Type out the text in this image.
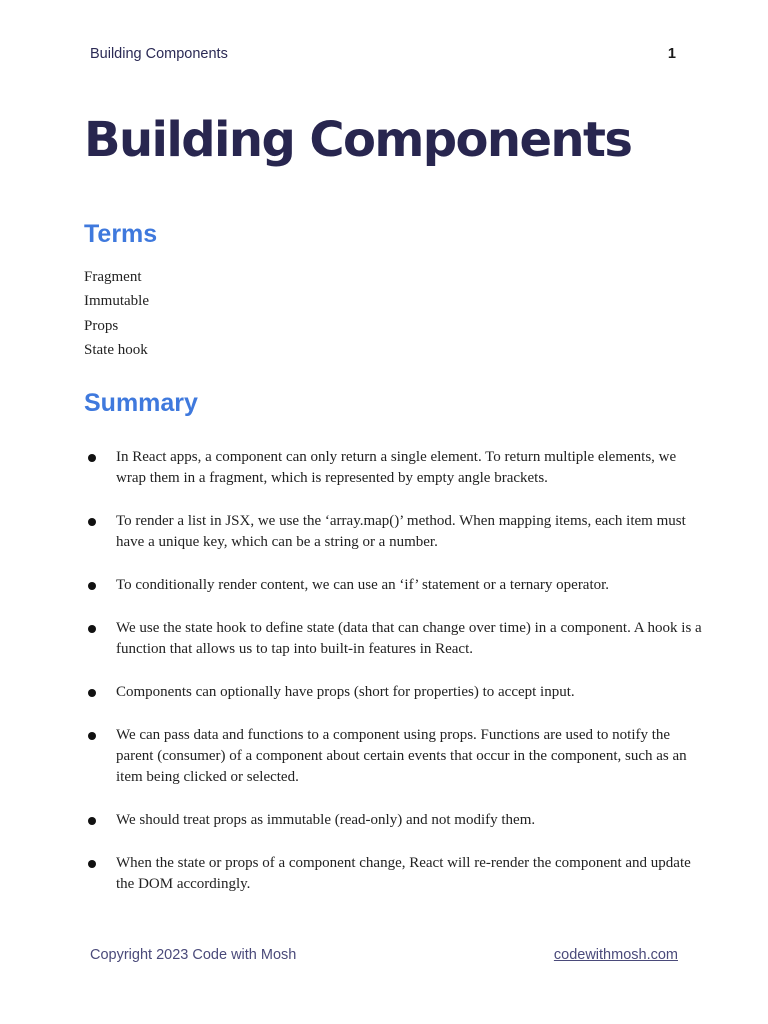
Building Components	1
Building Components
Terms
Fragment
Immutable
Props
State hook
Summary
In React apps, a component can only return a single element. To return multiple elements, we wrap them in a fragment, which is represented by empty angle brackets.
To render a list in JSX, we use the ‘array.map()’ method. When mapping items, each item must have a unique key, which can be a string or a number.
To conditionally render content, we can use an ‘if’ statement or a ternary operator.
We use the state hook to define state (data that can change over time) in a component. A hook is a function that allows us to tap into built-in features in React.
Components can optionally have props (short for properties) to accept input.
We can pass data and functions to a component using props. Functions are used to notify the parent (consumer) of a component about certain events that occur in the component, such as an item being clicked or selected.
We should treat props as immutable (read-only) and not modify them.
When the state or props of a component change, React will re-render the component and update the DOM accordingly.
Copyright 2023 Code with Mosh	codewithmosh.com
